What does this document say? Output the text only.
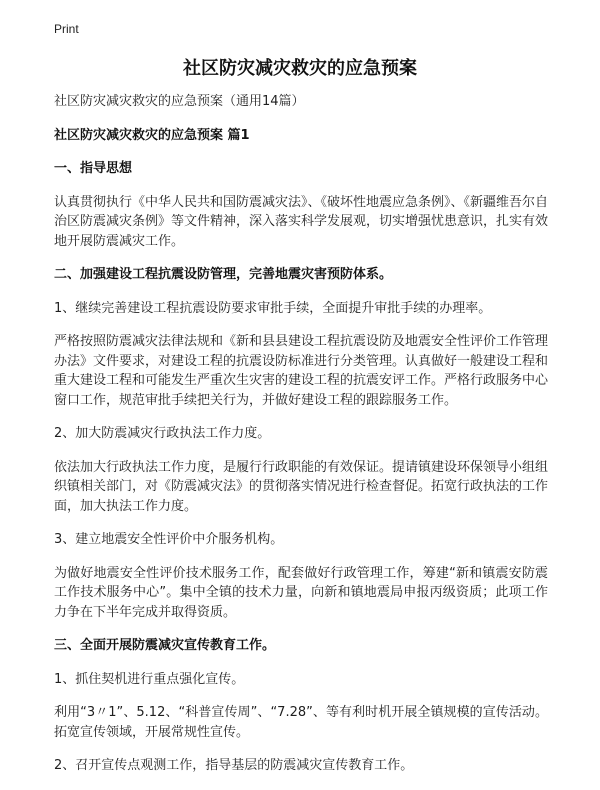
Print
社区防灾减灾救灾的应急预案
社区防灾减灾救灾的应急预案（通用14篇）
社区防灾减灾救灾的应急预案 篇1
一、指导思想
认真贯彻执行《中华人民共和国防震减灾法》、《破坏性地震应急条例》、《新疆维吾尔自治区防震减灾条例》等文件精神，深入落实科学发展观，切实增强忧患意识，扎实有效地开展防震减灾工作。
二、加强建设工程抗震设防管理，完善地震灾害预防体系。
1、继续完善建设工程抗震设防要求审批手续，全面提升审批手续的办理率。
严格按照防震减灾法律法规和《新和县县建设工程抗震设防及地震安全性评价工作管理办法》文件要求，对建设工程的抗震设防标准进行分类管理。认真做好一般建设工程和重大建设工程和可能发生严重次生灾害的建设工程的抗震安评工作。严格行政服务中心窗口工作，规范审批手续把关行为，并做好建设工程的跟踪服务工作。
2、加大防震减灾行政执法工作力度。
依法加大行政执法工作力度，是履行行政职能的有效保证。提请镇建设环保领导小组组织镇相关部门，对《防震减灾法》的贯彻落实情况进行检查督促。拓宽行政执法的工作面，加大执法工作力度。
3、建立地震安全性评价中介服务机构。
为做好地震安全性评价技术服务工作，配套做好行政管理工作，筹建“新和镇震安防震工作技术服务中心”。集中全镇的技术力量，向新和镇地震局申报丙级资质；此项工作力争在下半年完成并取得资质。
三、全面开展防震减灾宣传教育工作。
1、抓住契机进行重点强化宣传。
利用“3〃1”、5.12、“科普宣传周”、“7.28”、等有利时机开展全镇规模的宣传活动。拓宽宣传领域，开展常规性宣传。
2、召开宣传点观测工作，指导基层的防震减灾宣传教育工作。
